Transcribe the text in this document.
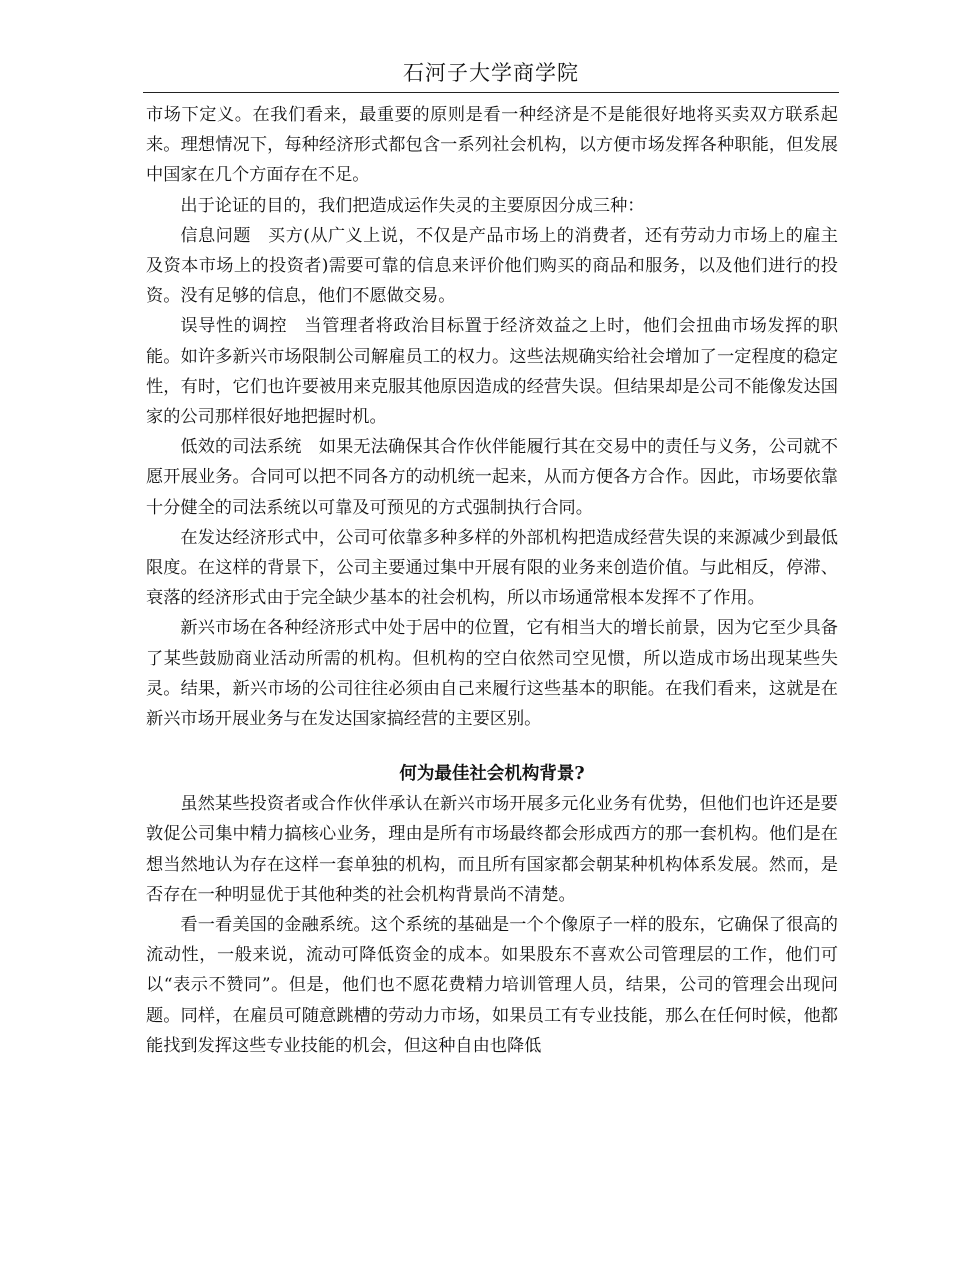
石河子大学商学院

市场下定义。在我们看来，最重要的原则是看一种经济是不是能很好地将买卖双方联系起来。理想情况下，每种经济形式都包含一系列社会机构，以方便市场发挥各种职能，但发展中国家在几个方面存在不足。

出于论证的目的，我们把造成运作失灵的主要原因分成三种：

信息问题 买方(从广义上说，不仅是产品市场上的消费者，还有劳动力市场上的雇主及资本市场上的投资者)需要可靠的信息来评价他们购买的商品和服务，以及他们进行的投资。没有足够的信息，他们不愿做交易。

误导性的调控 当管理者将政治目标置于经济效益之上时，他们会扭曲市场发挥的职能。如许多新兴市场限制公司解雇员工的权力。这些法规确实给社会增加了一定程度的稳定性，有时，它们也许要被用来克服其他原因造成的经营失误。但结果却是公司不能像发达国家的公司那样很好地把握时机。

低效的司法系统 如果无法确保其合作伙伴能履行其在交易中的责任与义务，公司就不愿开展业务。合同可以把不同各方的动机统一起来，从而方便各方合作。因此，市场要依靠十分健全的司法系统以可靠及可预见的方式强制执行合同。

在发达经济形式中，公司可依靠多种多样的外部机构把造成经营失误的来源减少到最低限度。在这样的背景下，公司主要通过集中开展有限的业务来创造价值。与此相反，停滞、衰落的经济形式由于完全缺少基本的社会机构，所以市场通常根本发挥不了作用。

新兴市场在各种经济形式中处于居中的位置，它有相当大的增长前景，因为它至少具备了某些鼓励商业活动所需的机构。但机构的空白依然司空见惯，所以造成市场出现某些失灵。结果，新兴市场的公司往往必须由自己来履行这些基本的职能。在我们看来，这就是在新兴市场开展业务与在发达国家搞经营的主要区别。

何为最佳社会机构背景?

虽然某些投资者或合作伙伴承认在新兴市场开展多元化业务有优势，但他们也许还是要敦促公司集中精力搞核心业务，理由是所有市场最终都会形成西方的那一套机构。他们是在想当然地认为存在这样一套单独的机构，而且所有国家都会朝某种机构体系发展。然而，是否存在一种明显优于其他种类的社会机构背景尚不清楚。

看一看美国的金融系统。这个系统的基础是一个个像原子一样的股东，它确保了很高的流动性，一般来说，流动可降低资金的成本。如果股东不喜欢公司管理层的工作，他们可以“表示不赞同”。但是，他们也不愿花费精力培训管理人员，结果，公司的管理会出现问题。同样，在雇员可随意跳槽的劳动力市场，如果员工有专业技能，那么在任何时候，他都能找到发挥这些专业技能的机会，但这种自由也降低
